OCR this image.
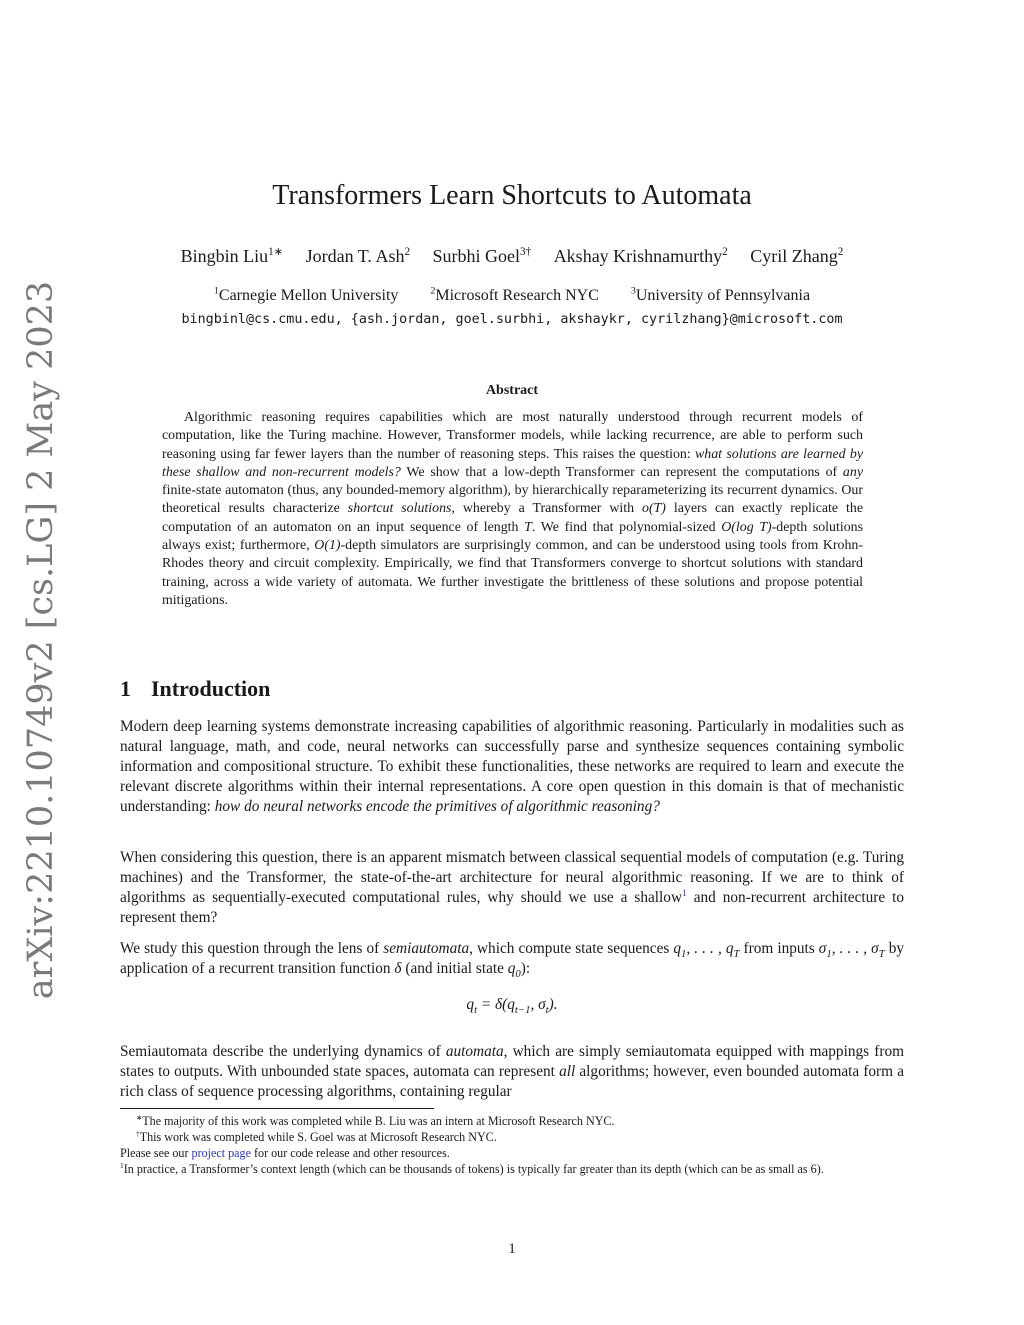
arXiv:2210.10749v2 [cs.LG] 2 May 2023
Transformers Learn Shortcuts to Automata
Bingbin Liu$^{1∗}$ Jordan T. Ash$^2$ Surbhi Goel$^{3\dagger}$ Akshay Krishnamurthy$^2$ Cyril Zhang$^2$
$^1$Carnegie Mellon University	$^2$Microsoft Research NYC	$^3$University of Pennsylvania
bingbinl@cs.cmu.edu, {ash.jordan, goel.surbhi, akshaykr, cyrilzhang}@microsoft.com
Abstract

Algorithmic reasoning requires capabilities which are most naturally understood through recurrent models of computation, like the Turing machine. However, Transformer models, while lacking recurrence, are able to perform such reasoning using far fewer layers than the number of reasoning steps. This raises the question: what solutions are learned by these shallow and non-recurrent models? We show that a low-depth Transformer can represent the computations of any finite-state automaton (thus, any bounded-memory algorithm), by hierarchically reparameterizing its recurrent dynamics. Our theoretical results characterize shortcut solutions, whereby a Transformer with o(T) layers can exactly replicate the computation of an automaton on an input sequence of length T. We find that polynomial-sized O(log T)-depth solutions always exist; furthermore, O(1)-depth simulators are surprisingly common, and can be understood using tools from Krohn-Rhodes theory and circuit complexity. Empirically, we find that Transformers converge to shortcut solutions with standard training, across a wide variety of automata. We further investigate the brittleness of these solutions and propose potential mitigations.

1 Introduction

Modern deep learning systems demonstrate increasing capabilities of algorithmic reasoning. Particularly in modalities such as natural language, math, and code, neural networks can successfully parse and synthesize sequences containing symbolic information and compositional structure. To exhibit these functionalities, these networks are required to learn and execute the relevant discrete algorithms within their internal representations. A core open question in this domain is that of mechanistic understanding: how do neural networks encode the primitives of algorithmic reasoning?

When considering this question, there is an apparent mismatch between classical sequential models of computation (e.g. Turing machines) and the Transformer, the state-of-the-art architecture for neural algorithmic reasoning. If we are to think of algorithms as sequentially-executed computational rules, why should we use a shallow$^1$ and non-recurrent architecture to represent them?

We study this question through the lens of semiautomata, which compute state sequences $q_1$, . . . , $q_T$ from inputs $\sigma_1$, . . . , $\sigma_T$ by application of a recurrent transition function δ (and initial state $q_0$):

$q_t = \delta(q_{t-1}$, $\sigma_t$).

Semiautomata describe the underlying dynamics of automata, which are simply semiautomata equipped with mappings from states to outputs. With unbounded state spaces, automata can represent all algorithms; however, even bounded automata form a rich class of sequence processing algorithms, containing regular

∗The majority of this work was completed while B. Liu was an intern at Microsoft Research NYC.

†This work was completed while S. Goel was at Microsoft Research NYC.

Please see our project page for our code release and other resources.

$^1$In practice, a Transformer’s context length (which can be thousands of tokens) is typically far greater than its depth (which can be as small as 6).

1
